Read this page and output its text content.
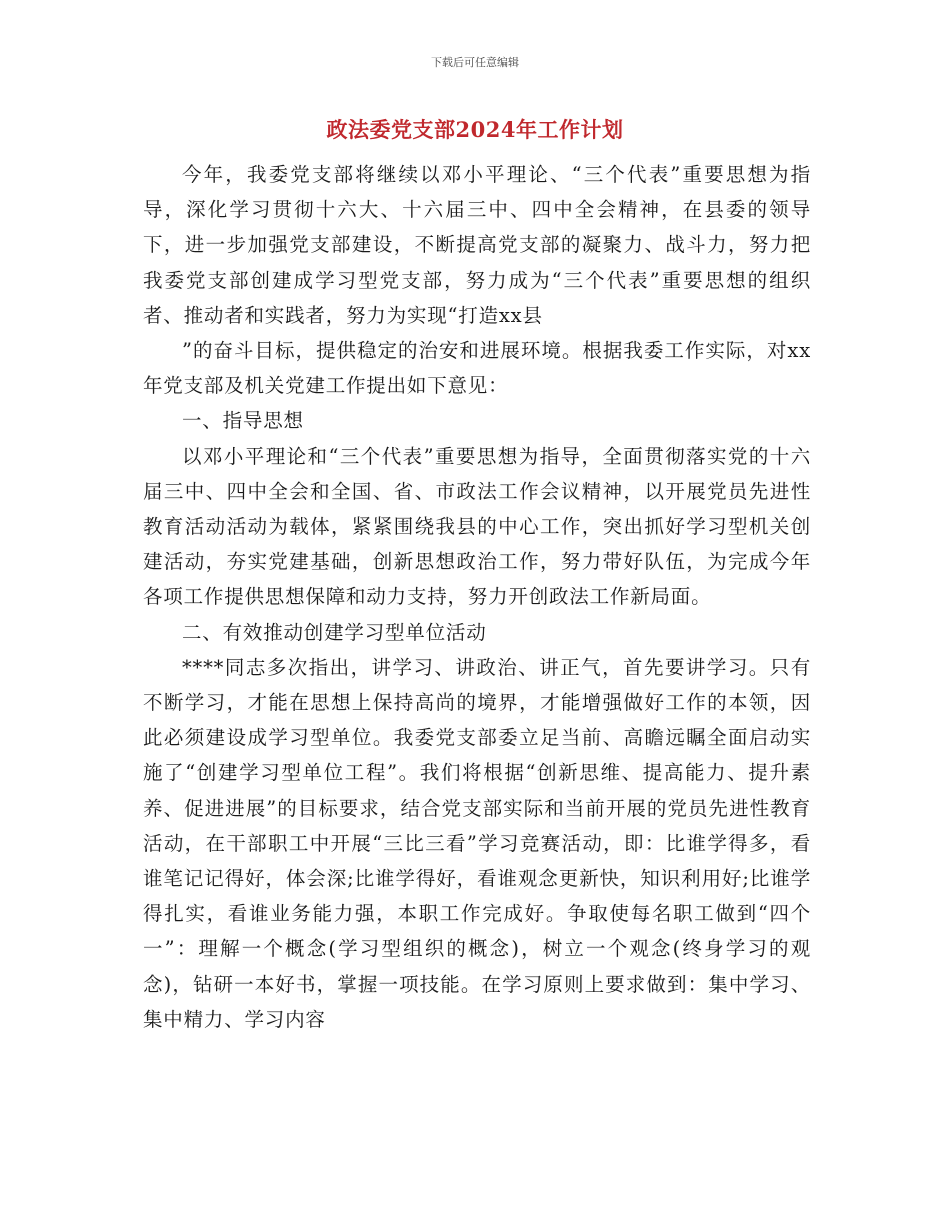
下载后可任意编辑
政法委党支部2024年工作计划

今年，我委党支部将继续以邓小平理论、“三个代表”重要思想为指导，深化学习贯彻十六大、十六届三中、四中全会精神，在县委的领导下，进一步加强党支部建设，不断提高党支部的凝聚力、战斗力，努力把我委党支部创建成学习型党支部，努力成为“三个代表”重要思想的组织者、推动者和实践者，努力为实现“打造xx县

”的奋斗目标，提供稳定的治安和进展环境。根据我委工作实际，对xx年党支部及机关党建工作提出如下意见：

一、指导思想

以邓小平理论和“三个代表”重要思想为指导，全面贯彻落实党的十六届三中、四中全会和全国、省、市政法工作会议精神，以开展党员先进性教育活动活动为载体，紧紧围绕我县的中心工作，突出抓好学习型机关创建活动，夯实党建基础，创新思想政治工作，努力带好队伍，为完成今年各项工作提供思想保障和动力支持，努力开创政法工作新局面。

二、有效推动创建学习型单位活动

****同志多次指出，讲学习、讲政治、讲正气，首先要讲学习。只有不断学习，才能在思想上保持高尚的境界，才能增强做好工作的本领，因此必须建设成学习型单位。我委党支部委立足当前、高瞻远瞩全面启动实施了“创建学习型单位工程”。我们将根据“创新思维、提高能力、提升素养、促进进展”的目标要求，结合党支部实际和当前开展的党员先进性教育活动，在干部职工中开展“三比三看”学习竞赛活动，即：比谁学得多，看谁笔记记得好，体会深;比谁学得好，看谁观念更新快，知识利用好;比谁学得扎实，看谁业务能力强，本职工作完成好。争取使每名职工做到“四个一”：理解一个概念(学习型组织的概念)，树立一个观念(终身学习的观念)，钻研一本好书，掌握一项技能。在学习原则上要求做到：集中学习、集中精力、学习内容
